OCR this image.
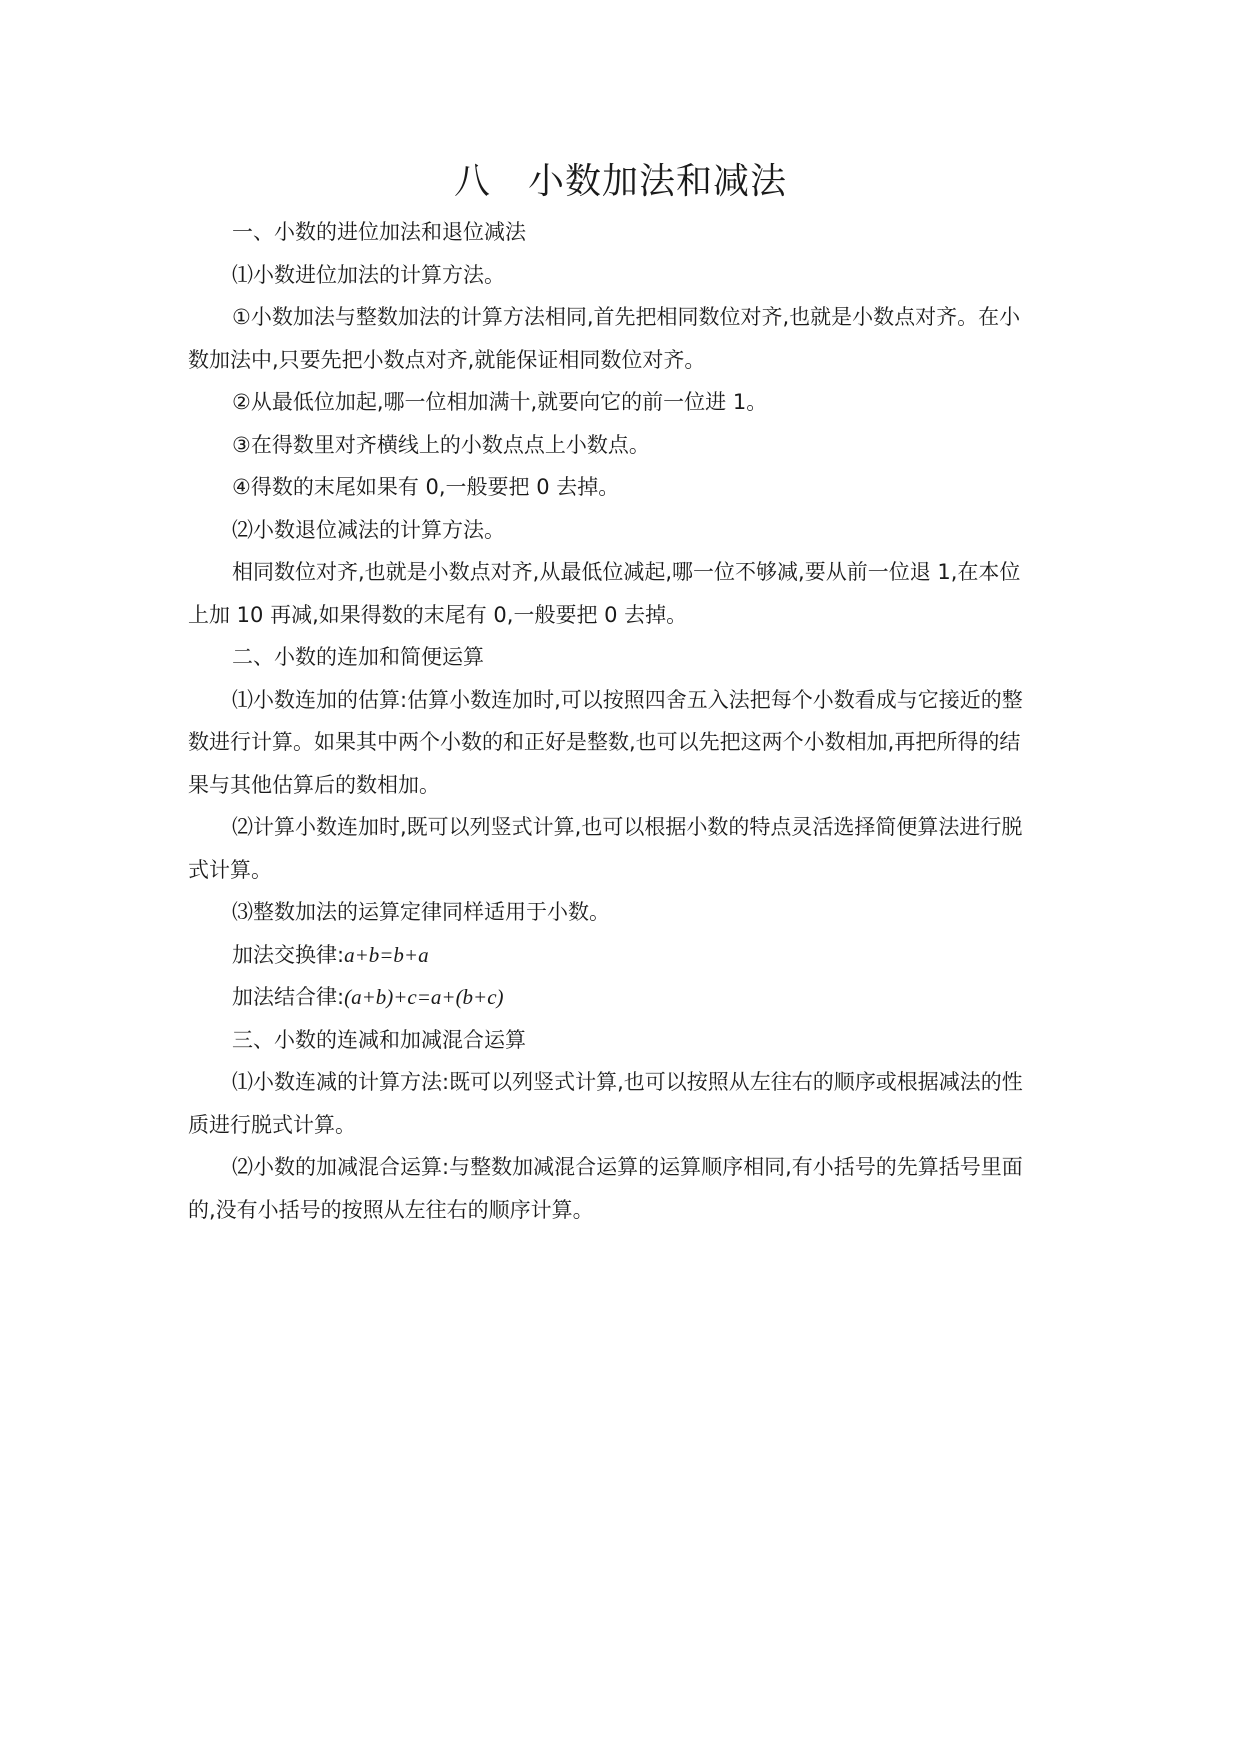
八　小数加法和减法
一、小数的进位加法和退位减法
⑴小数进位加法的计算方法。
①小数加法与整数加法的计算方法相同,首先把相同数位对齐,也就是小数点对齐。在小
数加法中,只要先把小数点对齐,就能保证相同数位对齐。
②从最低位加起,哪一位相加满十,就要向它的前一位进 1。
③在得数里对齐横线上的小数点点上小数点。
④得数的末尾如果有 0,一般要把 0 去掉。
⑵小数退位减法的计算方法。
相同数位对齐,也就是小数点对齐,从最低位减起,哪一位不够减,要从前一位退 1,在本位
上加 10 再减,如果得数的末尾有 0,一般要把 0 去掉。
二、小数的连加和简便运算
⑴小数连加的估算:估算小数连加时,可以按照四舍五入法把每个小数看成与它接近的整
数进行计算。如果其中两个小数的和正好是整数,也可以先把这两个小数相加,再把所得的结
果与其他估算后的数相加。
⑵计算小数连加时,既可以列竖式计算,也可以根据小数的特点灵活选择简便算法进行脱
式计算。
⑶整数加法的运算定律同样适用于小数。
加法交换律:a+b=b+a
加法结合律:(a+b)+c=a+(b+c)
三、小数的连减和加减混合运算
⑴小数连减的计算方法:既可以列竖式计算,也可以按照从左往右的顺序或根据减法的性
质进行脱式计算。
⑵小数的加减混合运算:与整数加减混合运算的运算顺序相同,有小括号的先算括号里面
的,没有小括号的按照从左往右的顺序计算。
